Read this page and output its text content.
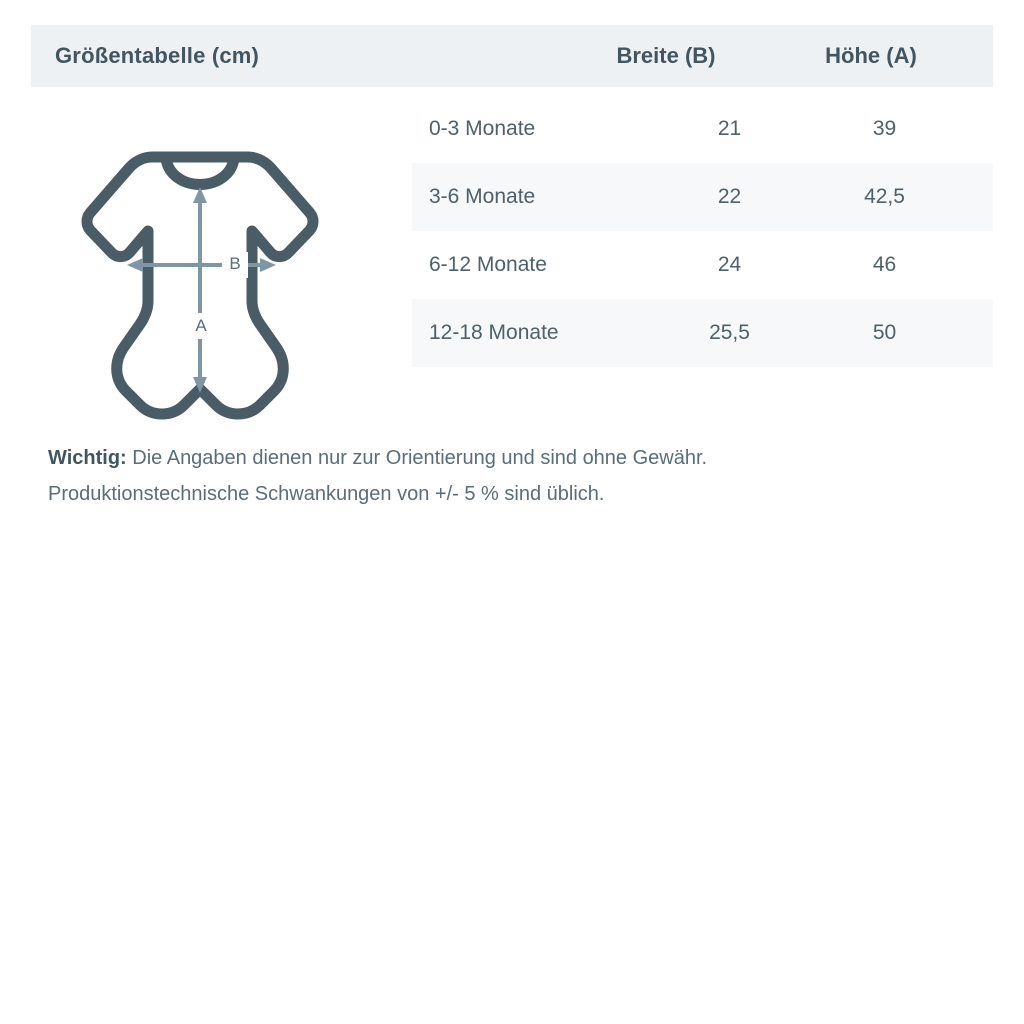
Größentabelle (cm)	Breite (B)	Höhe (A)
A
B
0-3 Monate	21	39
3-6 Monate	22	42,5
6-12 Monate	24	46
12-18 Monate	25,5	50
Wichtig: Die Angaben dienen nur zur Orientierung und sind ohne Gewähr.
Produktionstechnische Schwankungen von +/- 5 % sind üblich.
